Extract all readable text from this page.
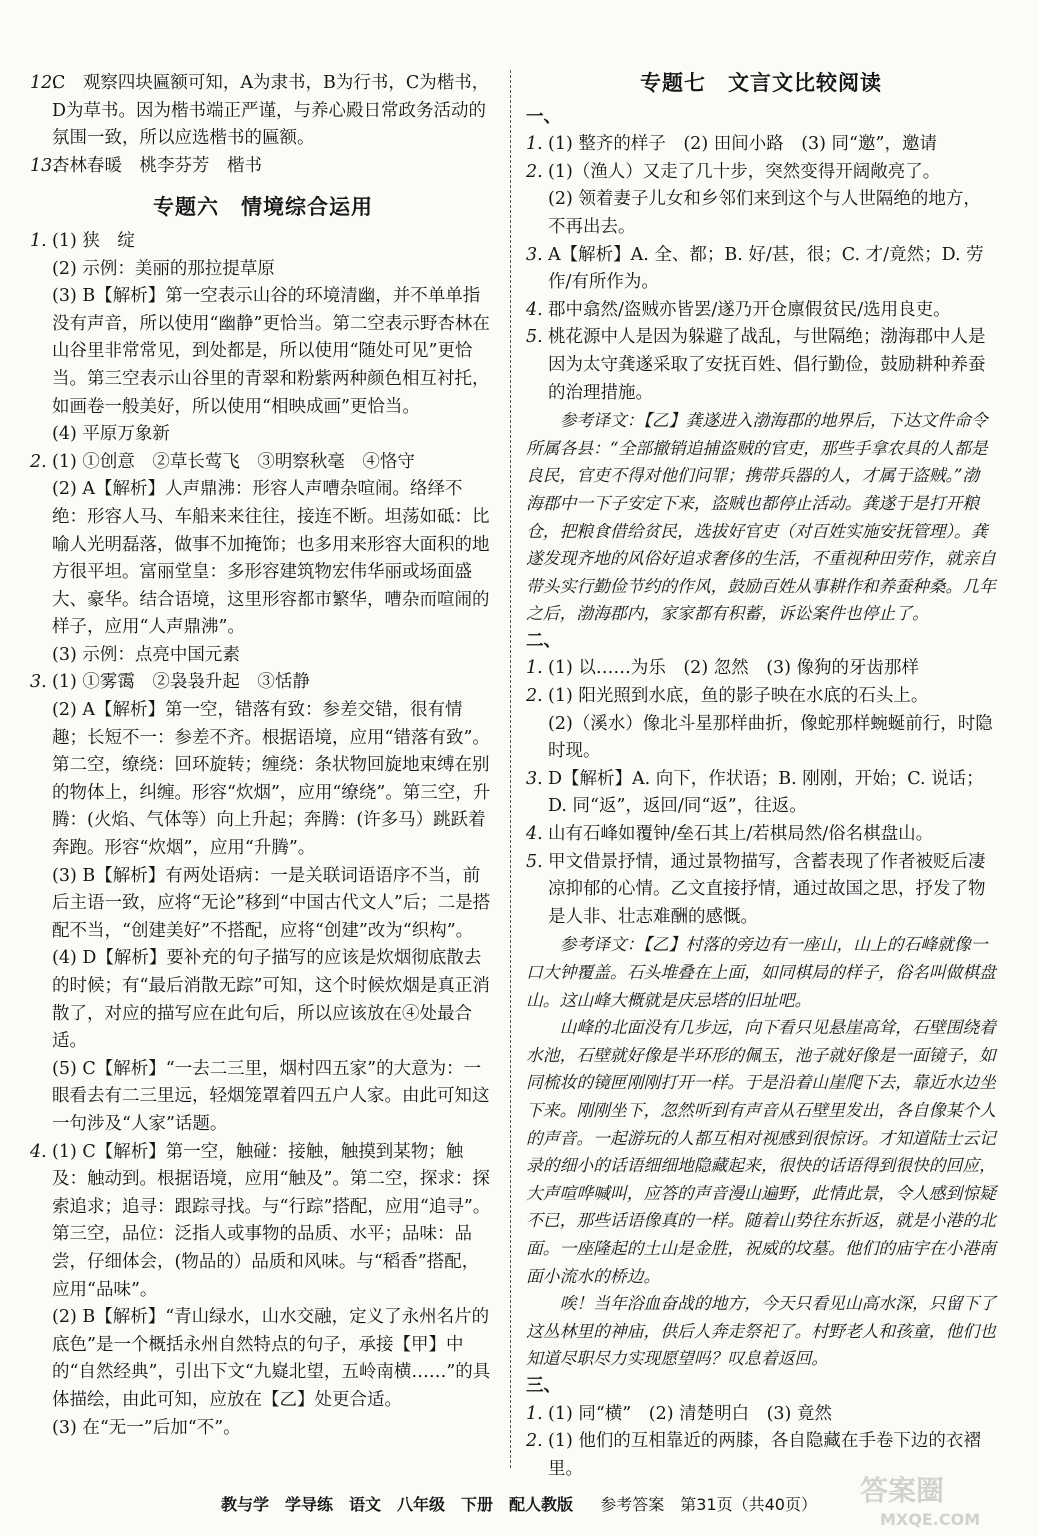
12.
C　观察四块匾额可知，A为隶书，B为行书，C为楷书，D为草书。因为楷书端正严谨，与养心殿日常政务活动的氛围一致，所以应选楷书的匾额。
13.
杏林春暖　桃李芬芳　楷书
专题六　情境综合运用
1. (1) 狭　绽
(2) 示例：美丽的那拉提草原
(3) B【解析】第一空表示山谷的环境清幽，并不单单指没有声音，所以使用“幽静”更恰当。第二空表示野杏林在山谷里非常常见，到处都是，所以使用“随处可见”更恰当。第三空表示山谷里的青翠和粉紫两种颜色相互衬托，如画卷一般美好，所以使用“相映成画”更恰当。
(4) 平原万象新
2. (1) ①创意　②草长莺飞　③明察秋毫　④恪守
(2) A【解析】人声鼎沸：形容人声嘈杂喧闹。络绎不绝：形容人马、车船来来往往，接连不断。坦荡如砥：比喻人光明磊落，做事不加掩饰；也多用来形容大面积的地方很平坦。富丽堂皇：多形容建筑物宏伟华丽或场面盛大、豪华。结合语境，这里形容都市繁华，嘈杂而喧闹的样子，应用“人声鼎沸”。
(3) 示例：点亮中国元素
3. (1) ①雾霭　②袅袅升起　③恬静
(2) A【解析】第一空，错落有致：参差交错，很有情趣；长短不一：参差不齐。根据语境，应用“错落有致”。第二空，缭绕：回环旋转；缠绕：条状物回旋地束缚在别的物体上，纠缠。形容“炊烟”，应用“缭绕”。第三空，升腾：(火焰、气体等）向上升起；奔腾：(许多马）跳跃着奔跑。形容“炊烟”，应用“升腾”。
(3) B【解析】有两处语病：一是关联词语语序不当，前后主语一致，应将“无论”移到“中国古代文人”后；二是搭配不当，“创建美好”不搭配，应将“创建”改为“织构”。
(4) D【解析】要补充的句子描写的应该是炊烟彻底散去的时候；有“最后消散无踪”可知，这个时候炊烟是真正消散了，对应的描写应在此句后，所以应该放在④处最合适。
(5) C【解析】“一去二三里，烟村四五家”的大意为：一眼看去有二三里远，轻烟笼罩着四五户人家。由此可知这一句涉及“人家”话题。
4. (1) C【解析】第一空，触碰：接触，触摸到某物；触及：触动到。根据语境，应用“触及”。第二空，探求：探索追求；追寻：跟踪寻找。与“行踪”搭配，应用“追寻”。第三空，品位：泛指人或事物的品质、水平；品味：品尝，仔细体会，(物品的）品质和风味。与“稻香”搭配，应用“品味”。
(2) B【解析】“青山绿水，山水交融，定义了永州名片的底色”是一个概括永州自然特点的句子，承接【甲】中的“自然经典”，引出下文“九嶷北望，五岭南横……”的具体描绘，由此可知，应放在【乙】处更合适。
(3) 在“无一”后加“不”。
专题七　文言文比较阅读
一、
1. (1) 整齐的样子　(2) 田间小路　(3) 同“邀”，邀请
2. (1)（渔人）又走了几十步，突然变得开阔敞亮了。
(2) 领着妻子儿女和乡邻们来到这个与人世隔绝的地方，不再出去。
3. A【解析】A. 全、都；B. 好/甚，很；C. 才/竟然；D. 劳作/有所作为。
4. 郡中翕然/盗贼亦皆罢/遂乃开仓廪假贫民/选用良吏。
5. 桃花源中人是因为躲避了战乱，与世隔绝；渤海郡中人是因为太守龚遂采取了安抚百姓、倡行勤俭，鼓励耕种养蚕的治理措施。
参考译文：【乙】龚遂进入渤海郡的地界后，下达文件命令所属各县：“全部撤销追捕盗贼的官吏，那些手拿农具的人都是良民，官吏不得对他们问罪；携带兵器的人，才属于盗贼。”渤海郡中一下子安定下来，盗贼也都停止活动。龚遂于是打开粮仓，把粮食借给贫民，选拔好官吏（对百姓实施安抚管理）。龚遂发现齐地的风俗好追求奢侈的生活，不重视种田劳作，就亲自带头实行勤俭节约的作风，鼓励百姓从事耕作和养蚕种桑。几年之后，渤海郡内，家家都有积蓄，诉讼案件也停止了。
二、
1. (1) 以……为乐　(2) 忽然　(3) 像狗的牙齿那样
2. (1) 阳光照到水底，鱼的影子映在水底的石头上。
(2)（溪水）像北斗星那样曲折，像蛇那样蜿蜒前行，时隐时现。
3. D【解析】A. 向下，作状语；B. 刚刚，开始；C. 说话；D. 同“返”，返回/同“返”，往返。
4. 山有石峰如覆钟/垒石其上/若棋局然/俗名棋盘山。
5. 甲文借景抒情，通过景物描写，含蓄表现了作者被贬后凄凉抑郁的心情。乙文直接抒情，通过故国之思，抒发了物是人非、壮志难酬的感慨。
参考译文：【乙】村落的旁边有一座山，山上的石峰就像一口大钟覆盖。石头堆叠在上面，如同棋局的样子，俗名叫做棋盘山。这山峰大概就是庆忌塔的旧址吧。
山峰的北面没有几步远，向下看只见悬崖高耸，石壁围绕着水池，石壁就好像是半环形的佩玉，池子就好像是一面镜子，如同梳妆的镜匣刚刚打开一样。于是沿着山崖爬下去，靠近水边坐下来。刚刚坐下，忽然听到有声音从石壁里发出，各自像某个人的声音。一起游玩的人都互相对视感到很惊讶。才知道陆士云记录的细小的话语细细地隐藏起来，很快的话语得到很快的回应，大声喧哗喊叫，应答的声音漫山遍野，此情此景，令人感到惊疑不已，那些话语像真的一样。随着山势往东折返，就是小港的北面。一座隆起的土山是金胜，祝威的坟墓。他们的庙宇在小港南面小流水的桥边。
唉！当年浴血奋战的地方，今天只看见山高水深，只留下了这丛林里的神庙，供后人奔走祭祀了。村野老人和孩童，他们也知道尽职尽力实现愿望吗？叹息着返回。
三、
1. (1) 同“横”　(2) 清楚明白　(3) 竟然
2. (1) 他们的互相靠近的两膝，各自隐藏在手卷下边的衣褶里。
教与学　学导练　语文　八年级　下册　配人教版 　 参考答案　第31页（共40页）	答案圈
MXQE.COM
